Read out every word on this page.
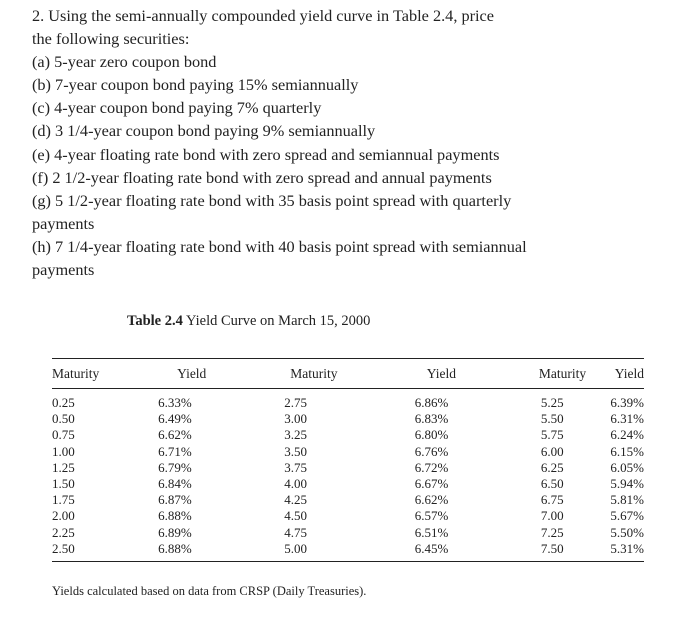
2. Using the semi-annually compounded yield curve in Table 2.4, price
the following securities:
(a) 5-year zero coupon bond
(b) 7-year coupon bond paying 15% semiannually
(c) 4-year coupon bond paying 7% quarterly
(d) 3 1/4-year coupon bond paying 9% semiannually
(e) 4-year floating rate bond with zero spread and semiannual payments
(f) 2 1/2-year floating rate bond with zero spread and annual payments
(g) 5 1/2-year floating rate bond with 35 basis point spread with quarterly
payments
(h) 7 1/4-year floating rate bond with 40 basis point spread with semiannual
payments
Table 2.4 Yield Curve on March 15, 2000
Maturity	Yield	Maturity	Yield	Maturity	Yield
0.25	6.33%	2.75	6.86%	5.25	6.39%
0.50	6.49%	3.00	6.83%	5.50	6.31%
0.75	6.62%	3.25	6.80%	5.75	6.24%
1.00	6.71%	3.50	6.76%	6.00	6.15%
1.25	6.79%	3.75	6.72%	6.25	6.05%
1.50	6.84%	4.00	6.67%	6.50	5.94%
1.75	6.87%	4.25	6.62%	6.75	5.81%
2.00	6.88%	4.50	6.57%	7.00	5.67%
2.25	6.89%	4.75	6.51%	7.25	5.50%
2.50	6.88%	5.00	6.45%	7.50	5.31%
Yields calculated based on data from CRSP (Daily Treasuries).
